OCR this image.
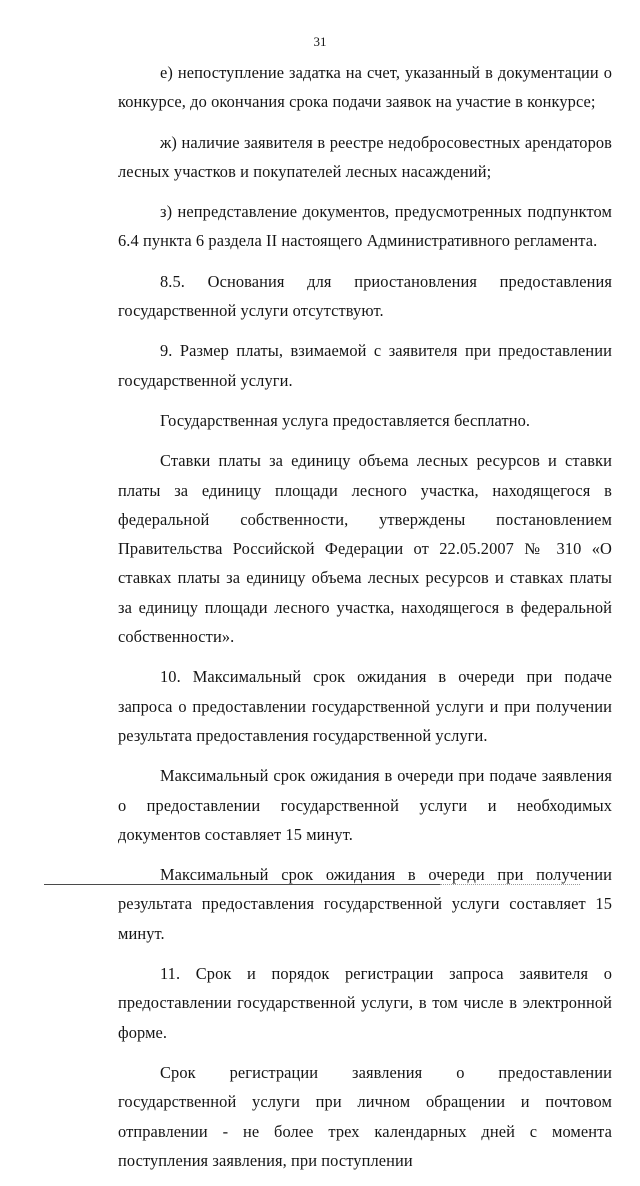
31

е) непоступление задатка на счет, указанный в документации о конкурсе, до окончания срока подачи заявок на участие в конкурсе;

ж) наличие заявителя в реестре недобросовестных арендаторов лесных участков и покупателей лесных насаждений;

з) непредставление документов, предусмотренных подпунктом 6.4 пункта 6 раздела II настоящего Административного регламента.

8.5. Основания для приостановления предоставления государственной услуги отсутствуют.

9. Размер платы, взимаемой с заявителя при предоставлении государственной услуги.

Государственная услуга предоставляется бесплатно.

Ставки платы за единицу объема лесных ресурсов и ставки платы за единицу площади лесного участка, находящегося в федеральной собственности, утверждены постановлением Правительства Российской Федерации от 22.05.2007 № 310 «О ставках платы за единицу объема лесных ресурсов и ставках платы за единицу площади лесного участка, находящегося в федеральной собственности».

10. Максимальный срок ожидания в очереди при подаче запроса о предоставлении государственной услуги и при получении результата предоставления государственной услуги.

Максимальный срок ожидания в очереди при подаче заявления о предоставлении государственной услуги и необходимых документов составляет 15 минут.

Максимальный срок ожидания в очереди при получении результата предоставления государственной услуги составляет 15 минут.

11. Срок и порядок регистрации запроса заявителя о предоставлении государственной услуги, в том числе в электронной форме.

Срок регистрации заявления о предоставлении государственной услуги при личном обращении и почтовом отправлении - не более трех календарных дней с момента поступления заявления, при поступлении
